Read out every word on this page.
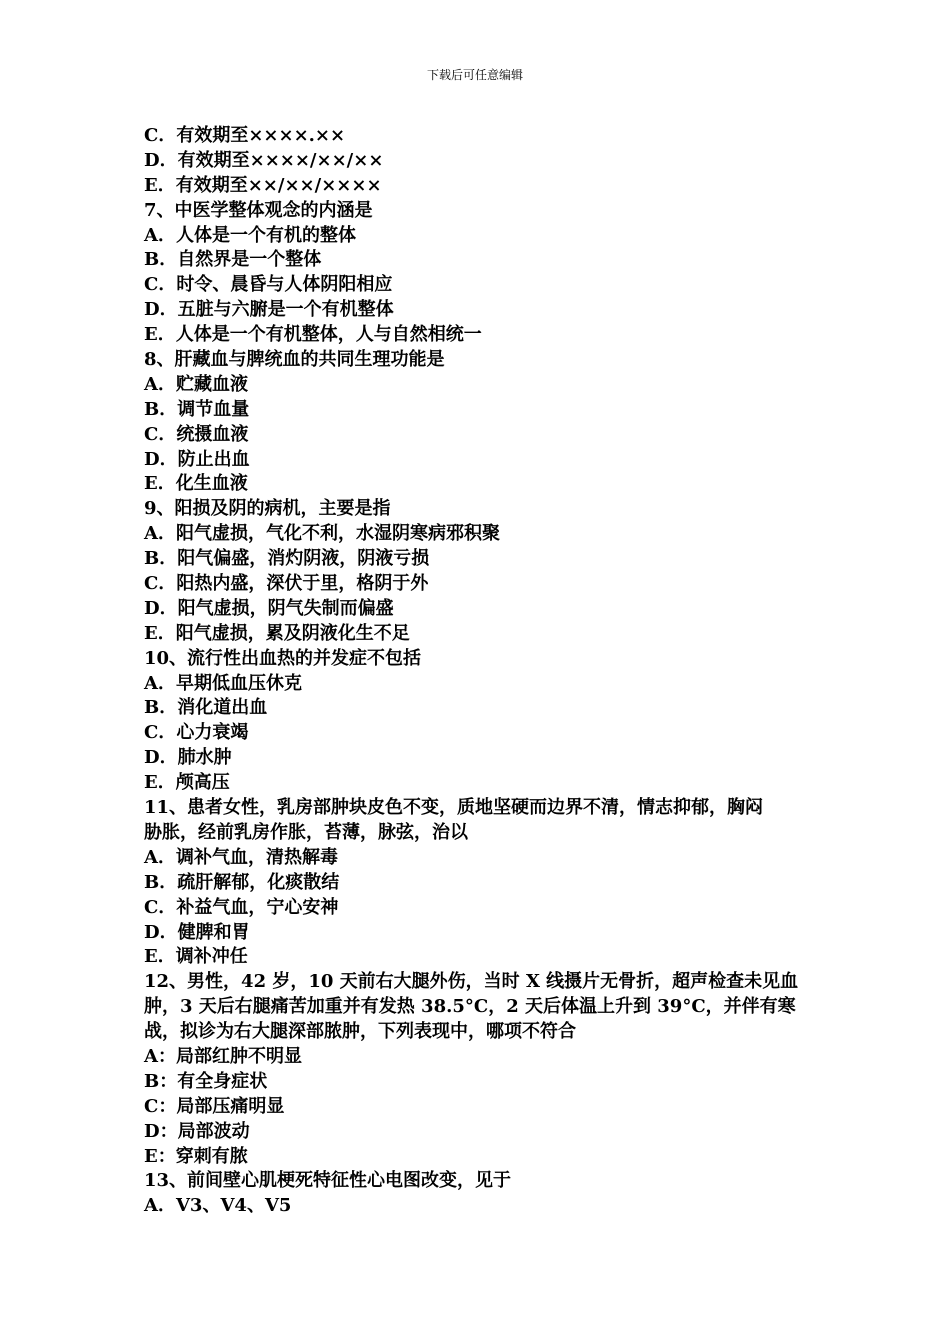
下载后可任意编辑
C．有效期至××××.××
D．有效期至××××/××/××
E．有效期至××/××/××××
7、中医学整体观念的内涵是
A．人体是一个有机的整体
B．自然界是一个整体
C．时令、晨昏与人体阴阳相应
D．五脏与六腑是一个有机整体
E．人体是一个有机整体，人与自然相统一
8、肝藏血与脾统血的共同生理功能是
A．贮藏血液
B．调节血量
C．统摄血液
D．防止出血
E．化生血液
9、阳损及阴的病机，主要是指
A．阳气虚损，气化不利，水湿阴寒病邪积聚
B．阳气偏盛，消灼阴液，阴液亏损
C．阳热内盛，深伏于里，格阴于外
D．阳气虚损，阴气失制而偏盛
E．阳气虚损，累及阴液化生不足
10、流行性出血热的并发症不包括
A．早期低血压休克
B．消化道出血
C．心力衰竭
D．肺水肿
E．颅高压
11、患者女性，乳房部肿块皮色不变，质地坚硬而边界不清，情志抑郁，胸闷
胁胀，经前乳房作胀，苔薄，脉弦，治以
A．调补气血，清热解毒
B．疏肝解郁，化痰散结
C．补益气血，宁心安神
D．健脾和胃
E．调补冲任
12、男性，42 岁，10 天前右大腿外伤，当时 X 线摄片无骨折，超声检查未见血
肿，3 天后右腿痛苦加重并有发热 38.5°C，2 天后体温上升到 39°C，并伴有寒
战，拟诊为右大腿深部脓肿，下列表现中，哪项不符合
A：局部红肿不明显
B：有全身症状
C：局部压痛明显
D：局部波动
E：穿刺有脓
13、前间壁心肌梗死特征性心电图改变，见于
A．V3、V4、V5
